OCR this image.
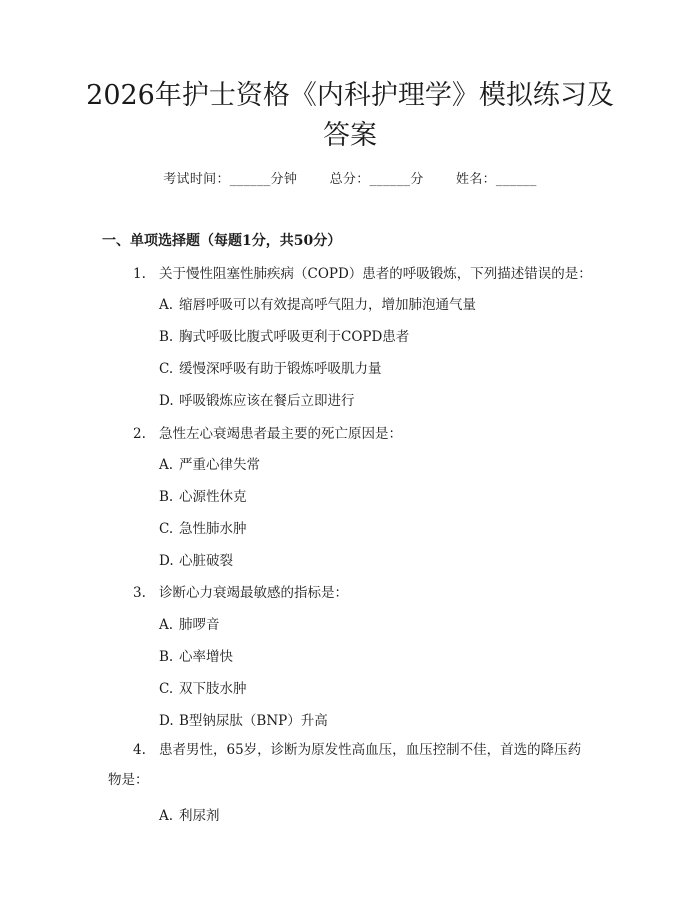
2026年护士资格《内科护理学》模拟练习及
答案
考试时间：______分钟 总分：______分 姓名：______
一、单项选择题（每题1分，共50分）
1. 关于慢性阻塞性肺疾病（COPD）患者的呼吸锻炼，下列描述错误的是：
A. 缩唇呼吸可以有效提高呼气阻力，增加肺泡通气量
B. 胸式呼吸比腹式呼吸更利于COPD患者
C. 缓慢深呼吸有助于锻炼呼吸肌力量
D. 呼吸锻炼应该在餐后立即进行
2. 急性左心衰竭患者最主要的死亡原因是：
A. 严重心律失常
B. 心源性休克
C. 急性肺水肿
D. 心脏破裂
3. 诊断心力衰竭最敏感的指标是：
A. 肺啰音
B. 心率增快
C. 双下肢水肿
D. B型钠尿肽（BNP）升高
4. 患者男性，65岁，诊断为原发性高血压，血压控制不佳，首选的降压药
物是：
A. 利尿剂
